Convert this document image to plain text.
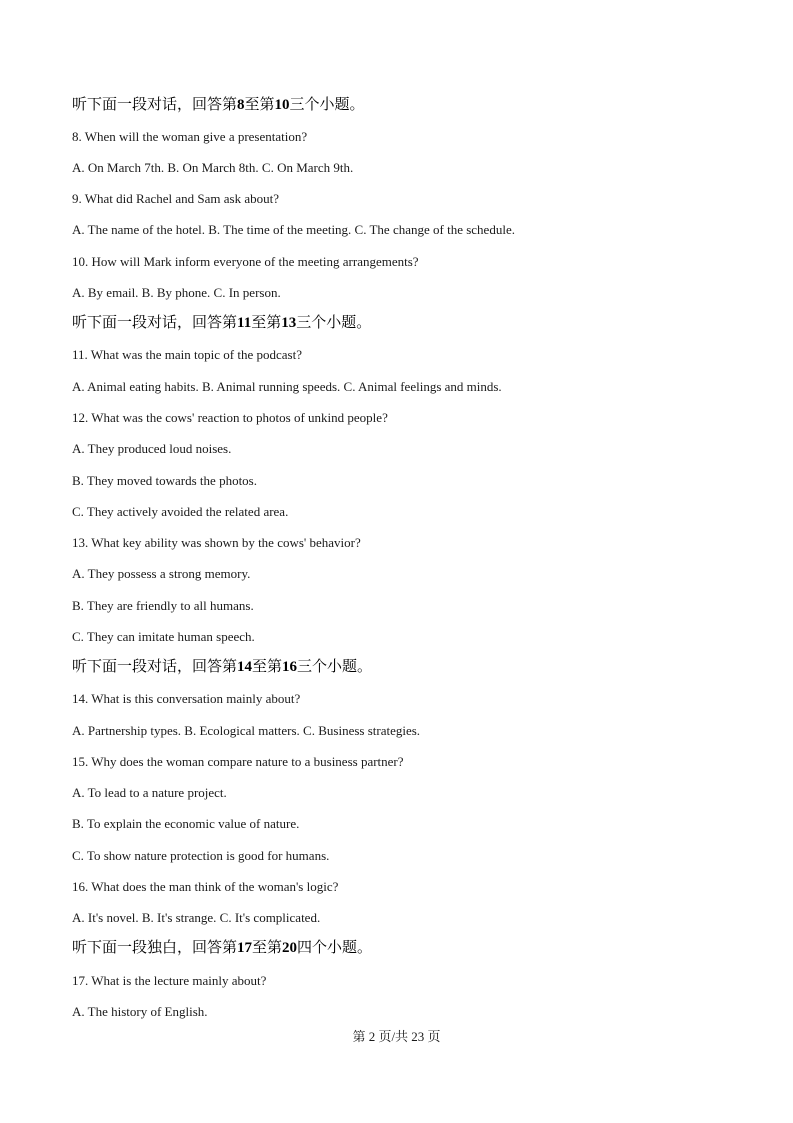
听下面一段对话，回答第8至第10三个小题。
8. When will the woman give a presentation?
A. On March 7th. B. On March 8th. C. On March 9th.
9. What did Rachel and Sam ask about?
A. The name of the hotel. B. The time of the meeting. C. The change of the schedule.
10. How will Mark inform everyone of the meeting arrangements?
A. By email. B. By phone. C. In person.
听下面一段对话，回答第11至第13三个小题。
11. What was the main topic of the podcast?
A. Animal eating habits. B. Animal running speeds. C. Animal feelings and minds.
12. What was the cows' reaction to photos of unkind people?
A. They produced loud noises.
B. They moved towards the photos.
C. They actively avoided the related area.
13. What key ability was shown by the cows' behavior?
A. They possess a strong memory.
B. They are friendly to all humans.
C. They can imitate human speech.
听下面一段对话，回答第14至第16三个小题。
14. What is this conversation mainly about?
A. Partnership types. B. Ecological matters. C. Business strategies.
15. Why does the woman compare nature to a business partner?
A. To lead to a nature project.
B. To explain the economic value of nature.
C. To show nature protection is good for humans.
16. What does the man think of the woman's logic?
A. It's novel. B. It's strange. C. It's complicated.
听下面一段独白，回答第17至第20四个小题。
17. What is the lecture mainly about?
A. The history of English.
第 2 页/共 23 页
